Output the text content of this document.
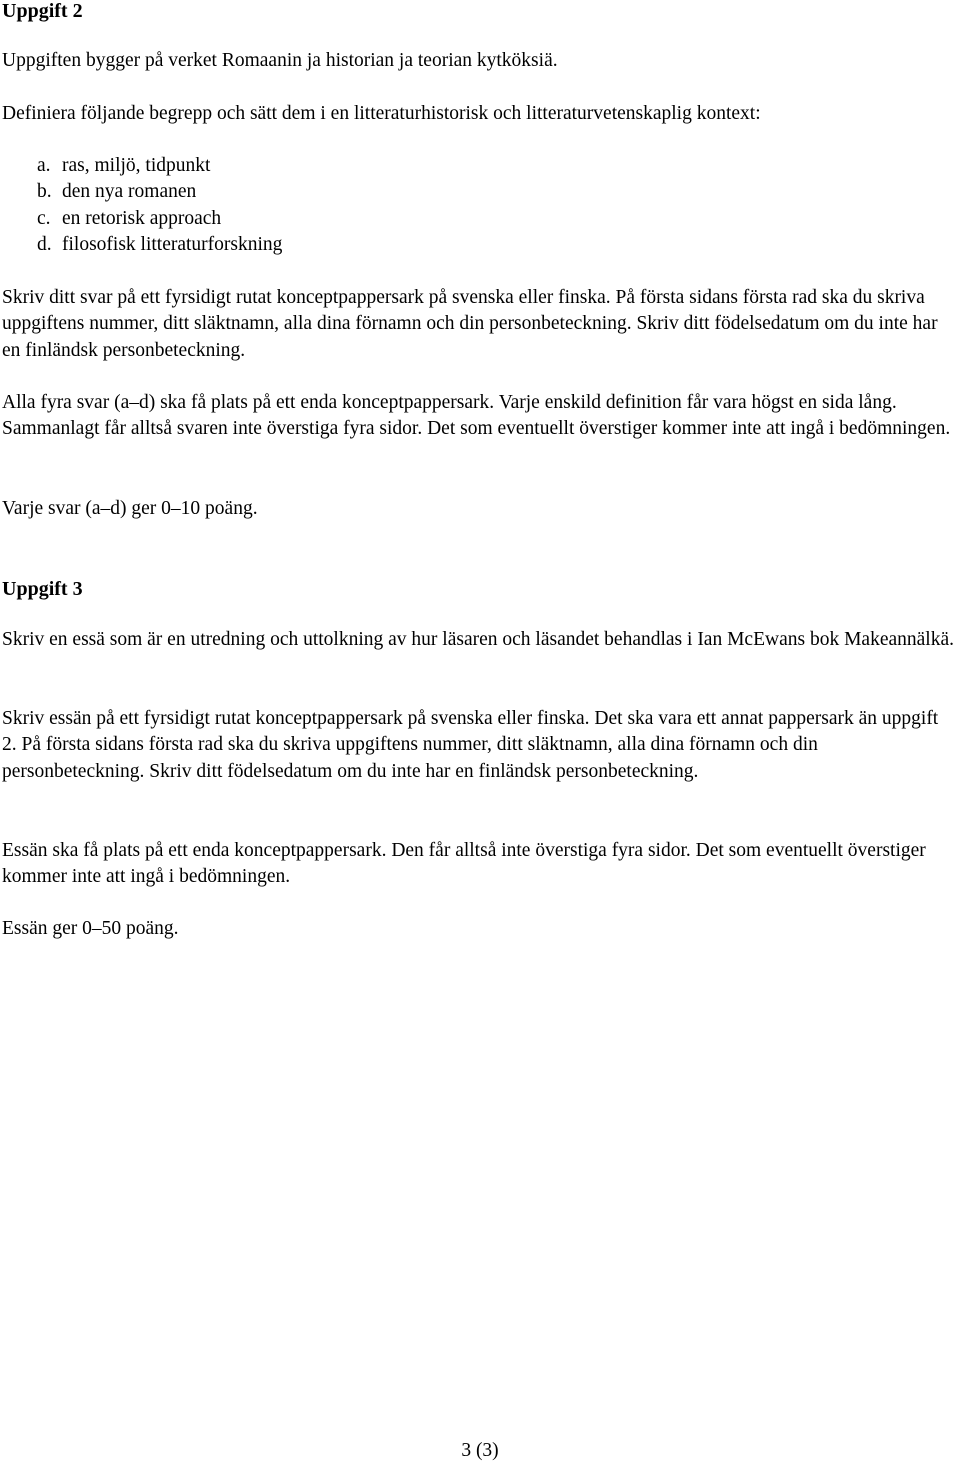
Uppgift 2

Uppgiften bygger på verket Romaanin ja historian ja teorian kytköksiä.

Definiera följande begrepp och sätt dem i en litteraturhistorisk och litteraturvetenskaplig kontext:

a. ras, miljö, tidpunkt
b. den nya romanen
c. en retorisk approach
d. filosofisk litteraturforskning

Skriv ditt svar på ett fyrsidigt rutat konceptpappersark på svenska eller finska. På första sidans första rad ska du skriva uppgiftens nummer, ditt släktnamn, alla dina förnamn och din personbeteckning. Skriv ditt födelsedatum om du inte har en finländsk personbeteckning.

Alla fyra svar (a–d) ska få plats på ett enda konceptpappersark. Varje enskild definition får vara högst en sida lång. Sammanlagt får alltså svaren inte överstiga fyra sidor. Det som eventuellt överstiger kommer inte att ingå i bedömningen.

Varje svar (a–d) ger 0–10 poäng.

Uppgift 3

Skriv en essä som är en utredning och uttolkning av hur läsaren och läsandet behandlas i Ian McEwans bok Makeannälkä.

Skriv essän på ett fyrsidigt rutat konceptpappersark på svenska eller finska. Det ska vara ett annat pappersark än uppgift 2. På första sidans första rad ska du skriva uppgiftens nummer, ditt släktnamn, alla dina förnamn och din personbeteckning. Skriv ditt födelsedatum om du inte har en finländsk personbeteckning.

Essän ska få plats på ett enda konceptpappersark. Den får alltså inte överstiga fyra sidor. Det som eventuellt överstiger kommer inte att ingå i bedömningen.

Essän ger 0–50 poäng.

3 (3)
